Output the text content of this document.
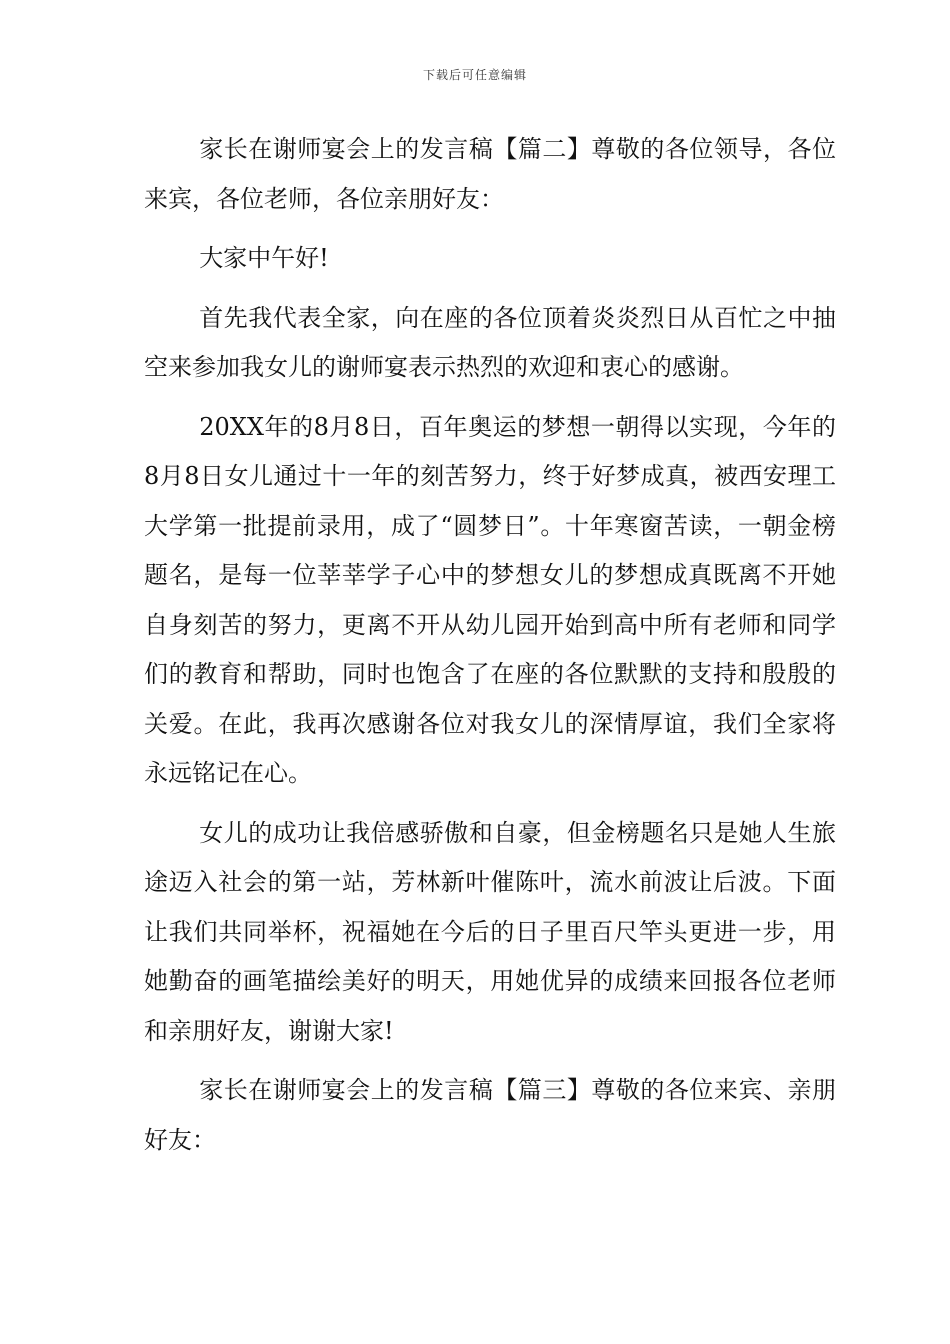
下载后可任意编辑

家长在谢师宴会上的发言稿【篇二】尊敬的各位领导，各位来宾，各位老师，各位亲朋好友：

大家中午好!

首先我代表全家，向在座的各位顶着炎炎烈日从百忙之中抽空来参加我女儿的谢师宴表示热烈的欢迎和衷心的感谢。

20XX年的8月8日，百年奥运的梦想一朝得以实现，今年的8月8日女儿通过十一年的刻苦努力，终于好梦成真，被西安理工大学第一批提前录用，成了“圆梦日”。十年寒窗苦读，一朝金榜题名，是每一位莘莘学子心中的梦想女儿的梦想成真既离不开她自身刻苦的努力，更离不开从幼儿园开始到高中所有老师和同学们的教育和帮助，同时也饱含了在座的各位默默的支持和殷殷的关爱。在此，我再次感谢各位对我女儿的深情厚谊，我们全家将永远铭记在心。

女儿的成功让我倍感骄傲和自豪，但金榜题名只是她人生旅途迈入社会的第一站，芳林新叶催陈叶，流水前波让后波。下面让我们共同举杯，祝福她在今后的日子里百尺竿头更进一步，用她勤奋的画笔描绘美好的明天，用她优异的成绩来回报各位老师和亲朋好友，谢谢大家!

家长在谢师宴会上的发言稿【篇三】尊敬的各位来宾、亲朋好友：
